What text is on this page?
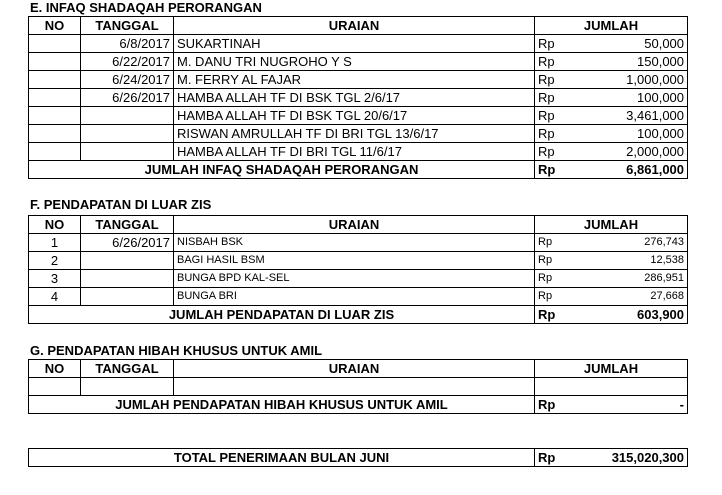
E. INFAQ SHADAQAH PERORANGAN
NO	TANGGAL	URAIAN	JUMLAH	
	6/8/2017	SUKARTINAH	Rp	50,000
	6/22/2017	M. DANU TRI NUGROHO Y S	Rp	150,000
	6/24/2017	M. FERRY AL FAJAR	Rp	1,000,000
	6/26/2017	HAMBA ALLAH TF DI BSK TGL 2/6/17	Rp	100,000
		HAMBA ALLAH TF DI BSK TGL 20/6/17	Rp	3,461,000
		RISWAN AMRULLAH TF DI BRI TGL 13/6/17	Rp	100,000
		HAMBA ALLAH TF DI BRI TGL 11/6/17	Rp	2,000,000
JUMLAH INFAQ SHADAQAH PERORANGAN			Rp	6,861,000
F. PENDAPATAN DI LUAR ZIS
NO	TANGGAL	URAIAN	JUMLAH	
1	6/26/2017	NISBAH BSK	Rp	276,743
2		BAGI HASIL BSM	Rp	12,538
3		BUNGA BPD KAL-SEL	Rp	286,951
4		BUNGA BRI	Rp	27,668
JUMLAH PENDAPATAN DI LUAR ZIS			Rp	603,900
G. PENDAPATAN HIBAH KHUSUS UNTUK AMIL
NO	TANGGAL	URAIAN	JUMLAH	

JUMLAH PENDAPATAN HIBAH KHUSUS UNTUK AMIL			Rp	-
TOTAL PENERIMAAN BULAN JUNI	Rp	315,020,300
